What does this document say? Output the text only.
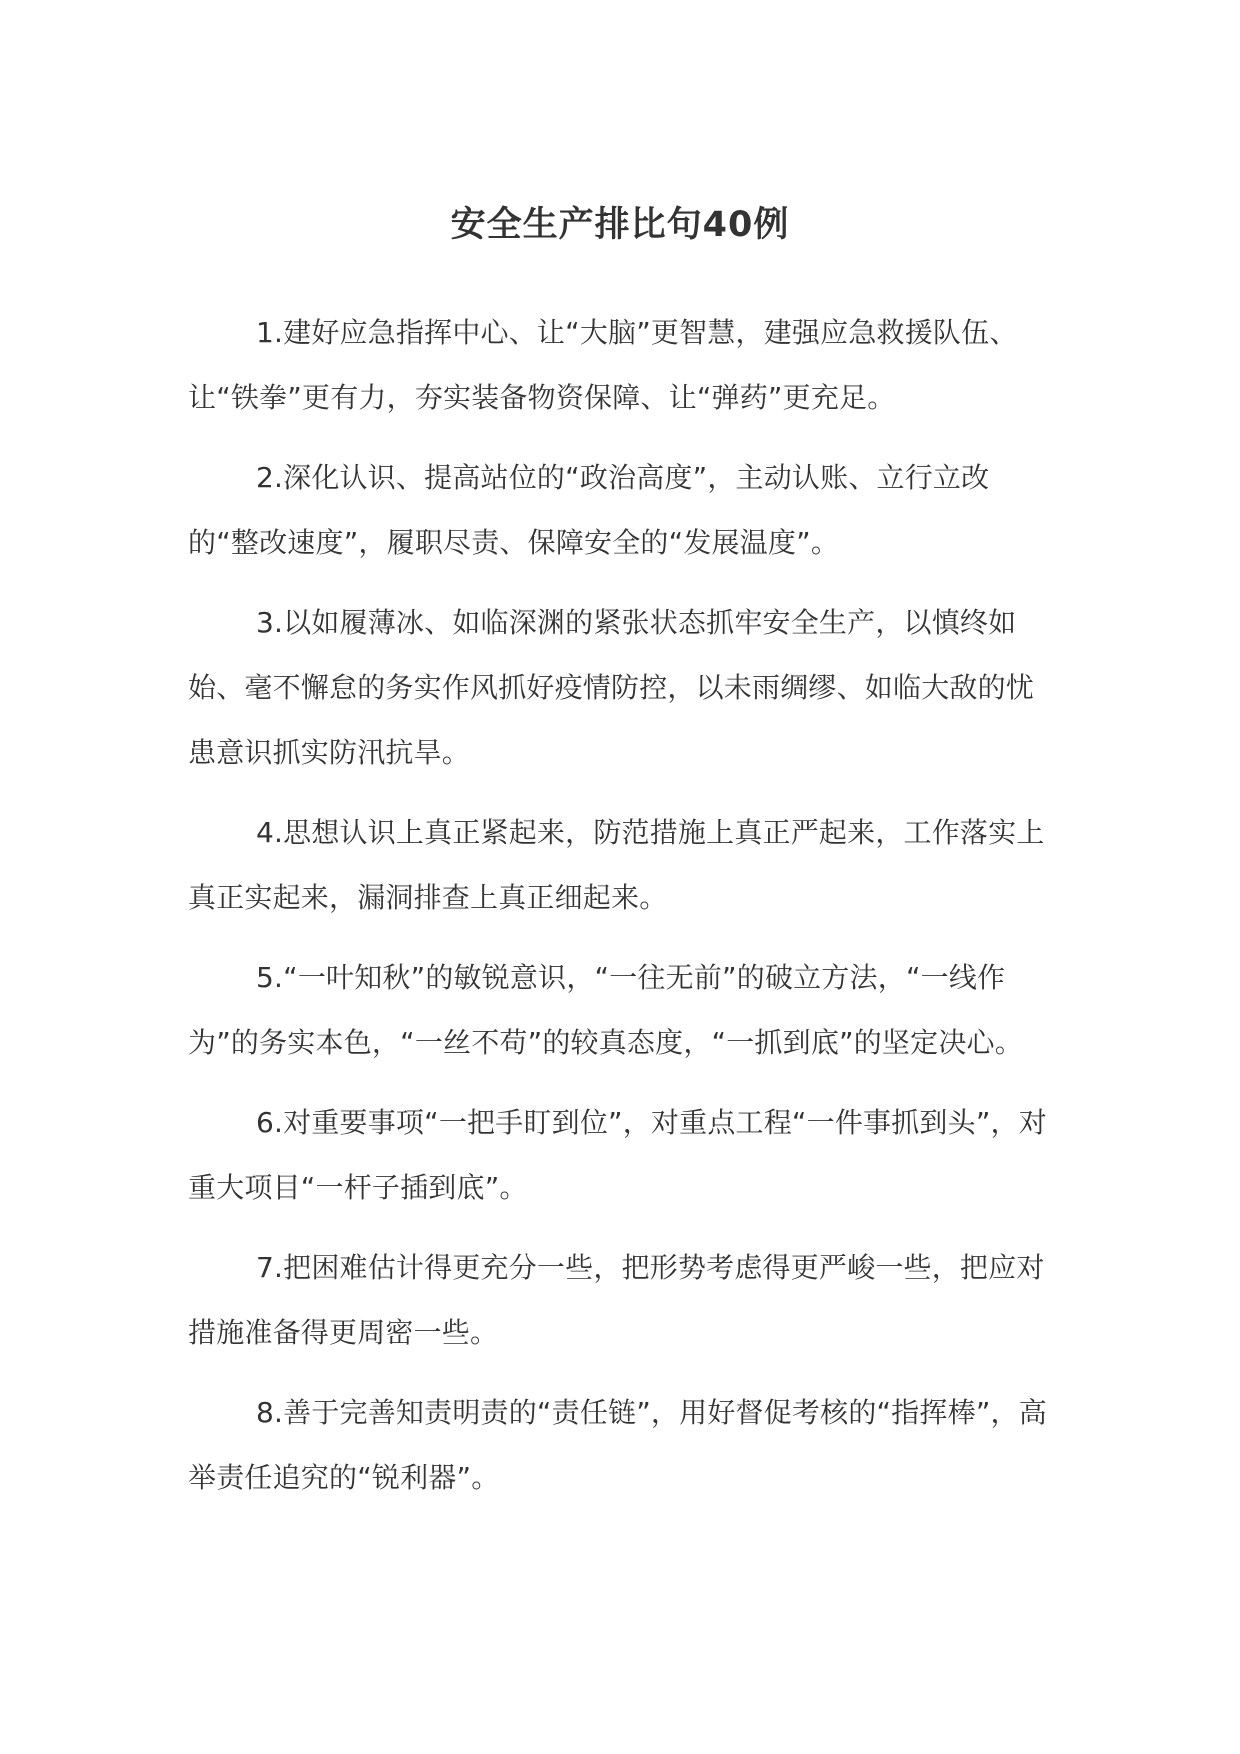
安全生产排比句40例

1.建好应急指挥中心、让“大脑”更智慧，建强应急救援队伍、让“铁拳”更有力，夯实装备物资保障、让“弹药”更充足。

2.深化认识、提高站位的“政治高度”，主动认账、立行立改的“整改速度”，履职尽责、保障安全的“发展温度”。

3.以如履薄冰、如临深渊的紧张状态抓牢安全生产，以慎终如始、毫不懈怠的务实作风抓好疫情防控，以未雨绸缪、如临大敌的忧患意识抓实防汛抗旱。

4.思想认识上真正紧起来，防范措施上真正严起来，工作落实上真正实起来，漏洞排查上真正细起来。

5.“一叶知秋”的敏锐意识，“一往无前”的破立方法，“一线作为”的务实本色，“一丝不苟”的较真态度，“一抓到底”的坚定决心。

6.对重要事项“一把手盯到位”，对重点工程“一件事抓到头”，对重大项目“一杆子插到底”。

7.把困难估计得更充分一些，把形势考虑得更严峻一些，把应对措施准备得更周密一些。

8.善于完善知责明责的“责任链”，用好督促考核的“指挥棒”，高举责任追究的“锐利器”。
